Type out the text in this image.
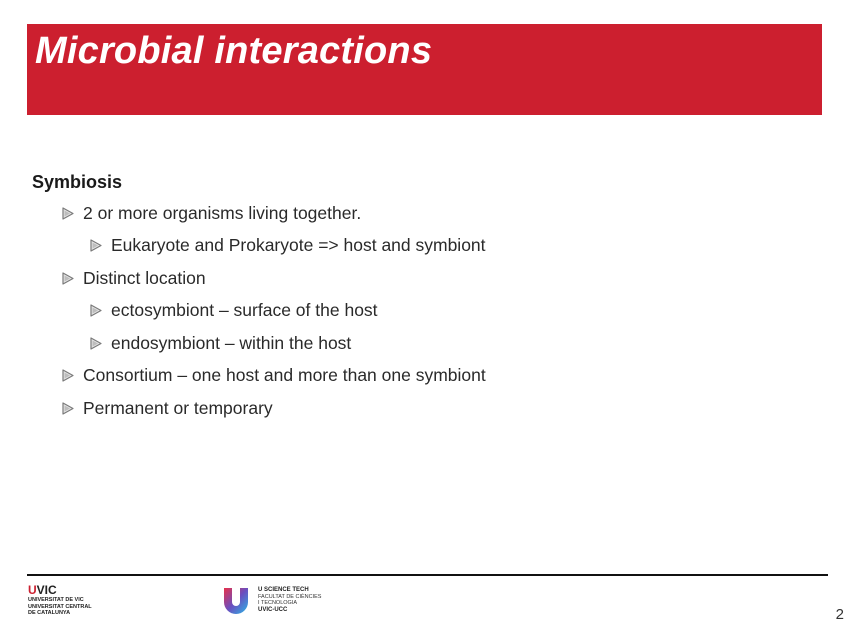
Microbial interactions
Symbiosis
2 or more organisms living together.
Eukaryote and Prokaryote => host and symbiont
Distinct location
ectosymbiont – surface of the host
endosymbiont – within the host
Consortium – one host and more than one symbiont
Permanent or temporary
UVIC
UNIVERSITAT DE VIC
UNIVERSITAT CENTRAL
DE CATALUNYA
U SCIENCE TECH
FACULTAT DE CIÈNCIES
I TECNOLOGIA
UVIC-UCC	2
